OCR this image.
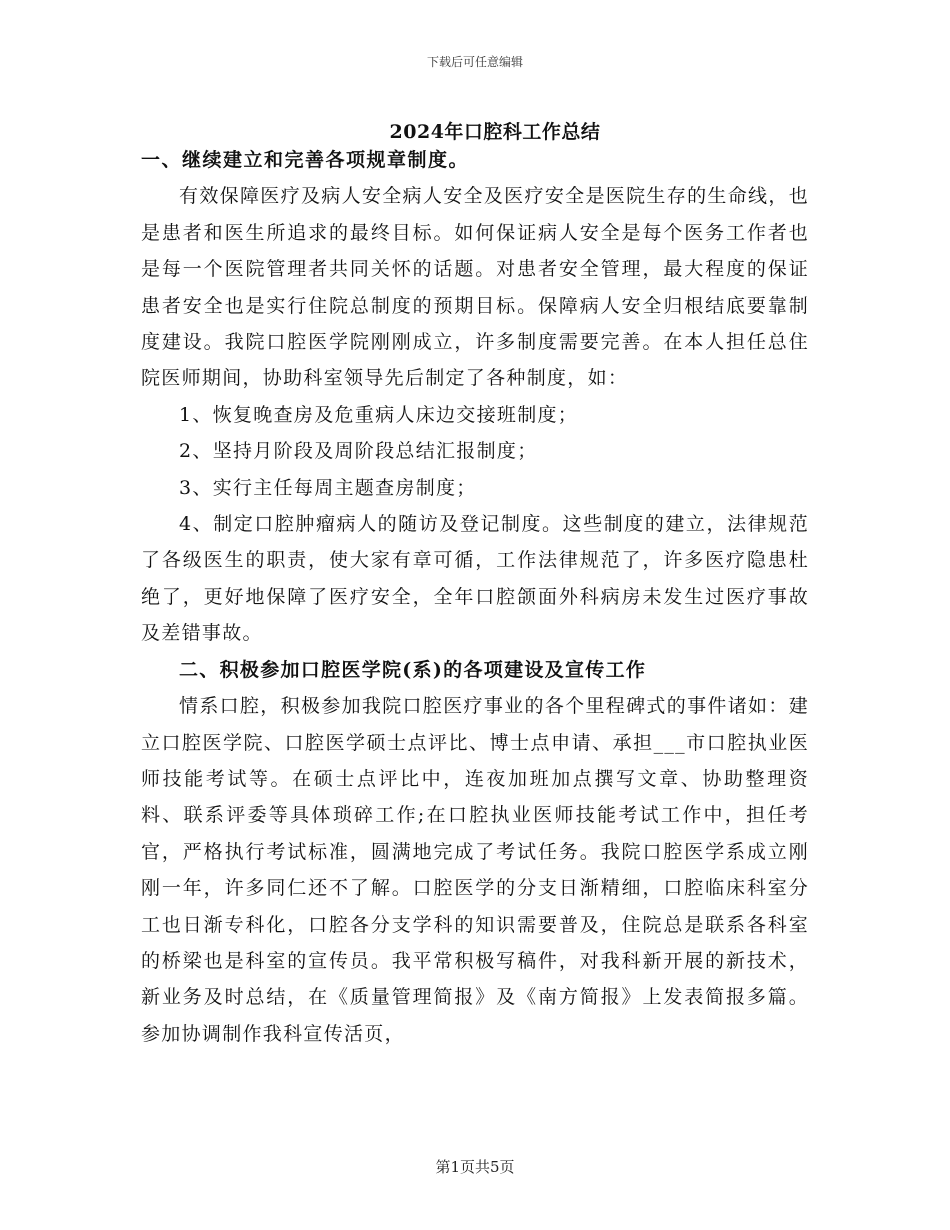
下载后可任意编辑
2024年口腔科工作总结

一、继续建立和完善各项规章制度。

有效保障医疗及病人安全病人安全及医疗安全是医院生存的生命线，也是患者和医生所追求的最终目标。如何保证病人安全是每个医务工作者也是每一个医院管理者共同关怀的话题。对患者安全管理，最大程度的保证患者安全也是实行住院总制度的预期目标。保障病人安全归根结底要靠制度建设。我院口腔医学院刚刚成立，许多制度需要完善。在本人担任总住院医师期间，协助科室领导先后制定了各种制度，如：

1、恢复晚查房及危重病人床边交接班制度；

2、坚持月阶段及周阶段总结汇报制度；

3、实行主任每周主题查房制度；

4、制定口腔肿瘤病人的随访及登记制度。这些制度的建立，法律规范了各级医生的职责，使大家有章可循，工作法律规范了，许多医疗隐患杜绝了，更好地保障了医疗安全，全年口腔颌面外科病房未发生过医疗事故及差错事故。

二、积极参加口腔医学院(系)的各项建设及宣传工作

情系口腔，积极参加我院口腔医疗事业的各个里程碑式的事件诸如：建立口腔医学院、口腔医学硕士点评比、博士点申请、承担___市口腔执业医师技能考试等。在硕士点评比中，连夜加班加点撰写文章、协助整理资料、联系评委等具体琐碎工作;在口腔执业医师技能考试工作中，担任考官，严格执行考试标准，圆满地完成了考试任务。我院口腔医学系成立刚刚一年，许多同仁还不了解。口腔医学的分支日渐精细，口腔临床科室分工也日渐专科化，口腔各分支学科的知识需要普及，住院总是联系各科室的桥梁也是科室的宣传员。我平常积极写稿件，对我科新开展的新技术，新业务及时总结，在《质量管理简报》及《南方简报》上发表简报多篇。参加协调制作我科宣传活页，

第1页共5页
